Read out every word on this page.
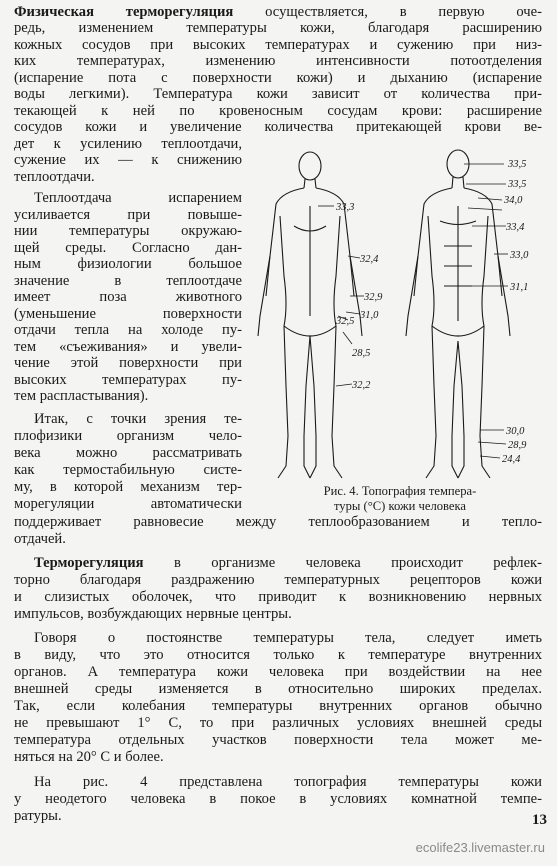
Физическая терморегуляция осуществляется, в первую оче-
редь, изменением температуры кожи, благодаря расширению
кожных сосудов при высоких температурах и сужению при низ-
ких температурах, изменению интенсивности потоотделения
(испарение пота с поверхности кожи) и дыханию (испарение
воды легкими). Температура кожи зависит от количества при-
текающей к ней по кровеносным сосудам крови: расширение
сосудов кожи и увеличение количества притекающей крови ве-
дет к усилению теплоотдачи,
сужение их — к снижению
теплоотдачи.
Теплоотдача испарением
усиливается при повыше-
нии температуры окружаю-
щей среды. Согласно дан-
ным физиологии большое
значение в теплоотдаче
имеет поза животного
(уменьшение поверхности
отдачи тепла на холоде пу-
тем «съеживания» и увели-
чение этой поверхности при
высоких температурах пу-
тем распластывания).
Итак, с точки зрения те-
плофизики организм чело-
века можно рассматривать
как термостабильную систе-
му, в которой механизм тер-
морегуляции автоматически
поддерживает равновесие между теплообразованием и тепло-
отдачей.
Терморегуляция в организме человека происходит рефлек-
торно благодаря раздражению температурных рецепторов кожи
и слизистых оболочек, что приводит к возникновению нервных
импульсов, возбуждающих нервные центры.
Говоря о постоянстве температуры тела, следует иметь
в виду, что это относится только к температуре внутренних
органов. А температура кожи человека при воздействии на нее
внешней среды изменяется в относительно широких пределах.
Так, если колебания температуры внутренних органов обычно
не превышают 1° С, то при различных условиях внешней среды
температура отдельных участков поверхности тела может ме-
няться на 20° С и более.
На рис. 4 представлена топография температуры кожи
у неодетого человека в покое в условиях комнатной темпе-
ратуры.
33,5
33,5
34,0
33,3
33,4
32,4	33,0
31,1
32,9
31,0
32,5
28,5
32,2
30,0
28,9
24,4
Рис. 4. Топография темпера-
туры (°С) кожи человека
ecolife23.livemaster.ru
13
